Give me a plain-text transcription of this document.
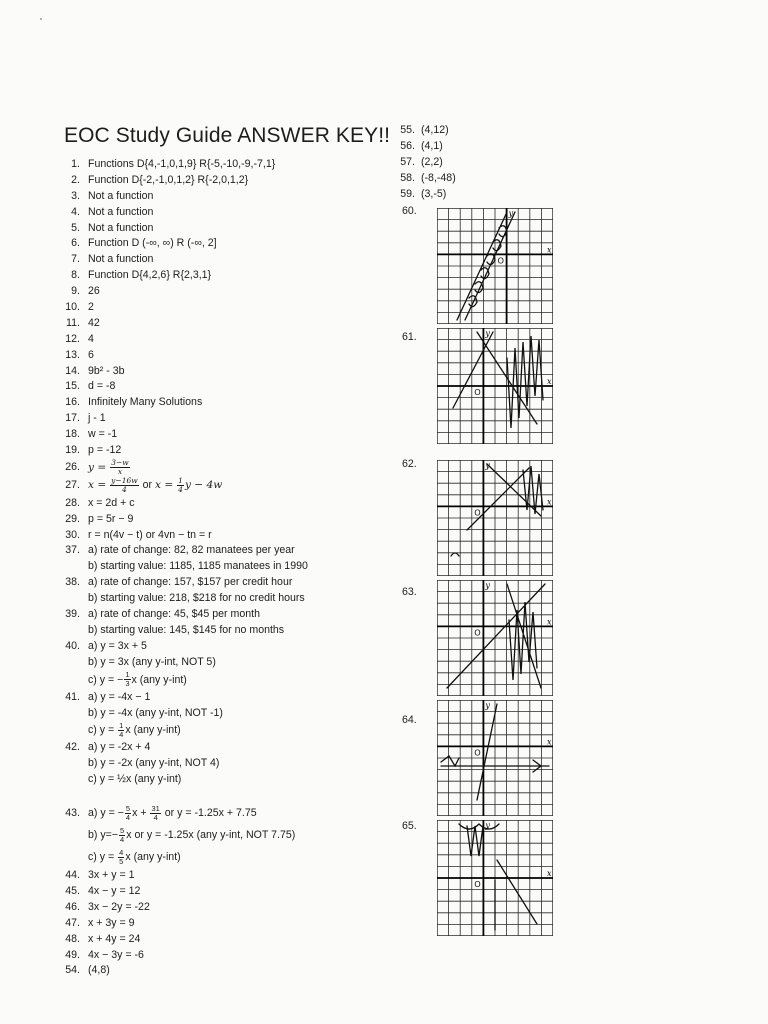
EOC Study Guide ANSWER KEY!!
1. Functions D{4,-1,0,1,9} R{-5,-10,-9,-7,1}
2. Function D{-2,-1,0,1,2} R{-2,0,1,2}
3. Not a function
4. Not a function
5. Not a function
6. Function D (-∞, ∞) R (-∞, 2]
7. Not a function
8. Function D{4,2,6} R{2,3,1}
9. 26
10. 2
11. 42
12. 4
13. 6
14. 9b² - 3b
15. d = -8
16. Infinitely Many Solutions
17. j - 1
18. w = -1
19. p = -12
26. $y = \frac{3-w}{x}$
27. $x = \frac{y-16w}{4}$ or $x = \frac{1}{4}$ y − 4w
28. x = 2d + c
29. p = 5r − 9
30. r = n(4v − t) or 4vn − tn = r
37. a) rate of change: 82, 82 manatees per year
b) starting value: 1185, 1185 manatees in 1990
38. a) rate of change: 157, $157 per credit hour
b) starting value: 218, $218 for no credit hours
39. a) rate of change: 45, $45 per month
b) starting value: 145, $145 for no months
40. a) y = 3x + 5
b) y = 3x (any y-int, NOT 5)
c) y = − $\frac{1}{3}$ x (any y-int)
41. a) y = -4x − 1
b) y = -4x (any y-int, NOT -1)
c) $y = \frac{1}{4}$ x (any y-int)
42. a) y = -2x + 4
b) y = -2x (any y-int, NOT 4)
c) y = ½x (any y-int)
43. a) y = − $\frac{5}{4}$ $x + \frac{31}{4}$ or y = -1.25x + 7.75
b) $y=- \frac{5}{4}$ x or y = -1.25x (any y-int, NOT 7.75)
c) $y = \frac{4}{5}$ x (any y-int)
44. 3x + y = 1
45. 4x − y = 12
46. 3x − 2y = -22
47. x + 3y = 9
48. x + 4y = 24
49. 4x − 3y = -6
54. (4,8)
55. (4,12)
56. (4,1)
57. (2,2)
58. (-8,-48)
59. (3,-5)
60.
x
y
O
61.
x
y
O
62.
x
y
O
63.
x
y
O
64.
x
y
O
65.
x
y
O
